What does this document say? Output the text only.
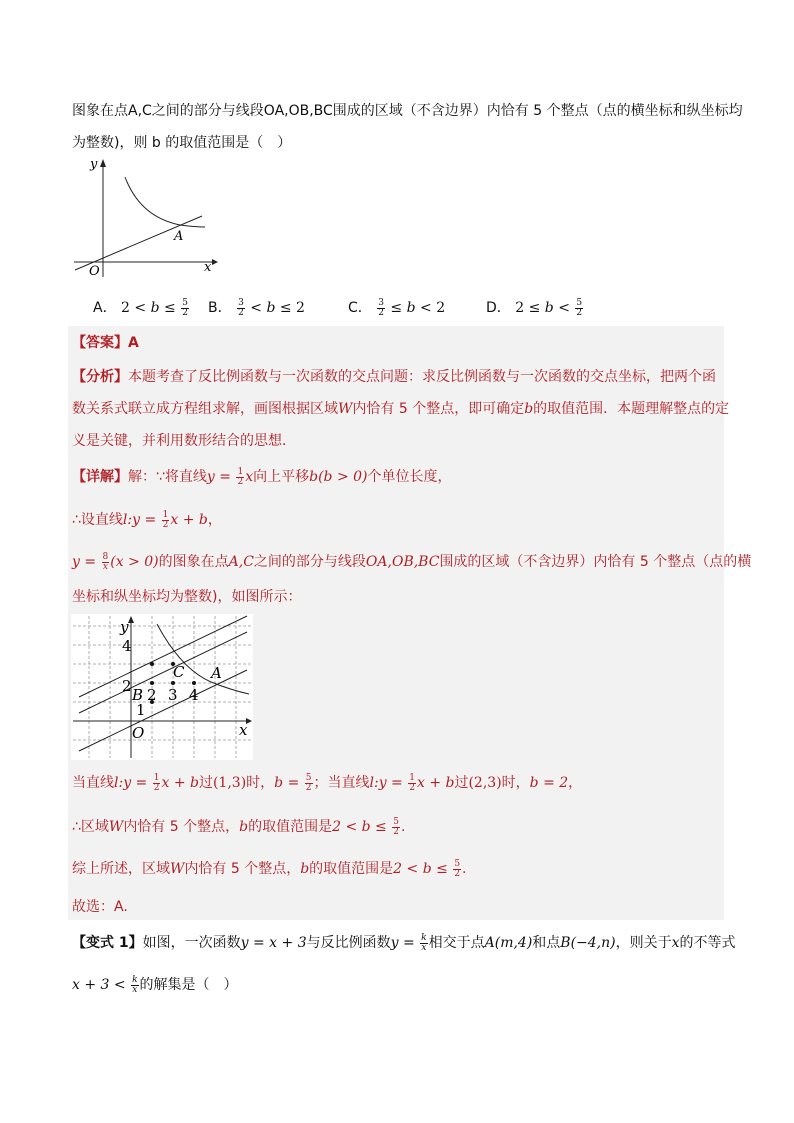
图象在点A,C之间的部分与线段OA,OB,BC围成的区域（不含边界）内恰有 5 个整点（点的横坐标和纵坐标均
为整数)，则 b 的取值范围是（　）
y
x
O
A
A． $2 < b \le \frac{5}{2}$ B． $\frac{3}{2} < b \le 2$	C． $\frac{3}{2} \le b < 2$	D． $2 \le b < \frac{5}{2}$
【答案】A
【分析】本题考查了反比例函数与一次函数的交点问题：求反比例函数与一次函数的交点坐标，把两个函
数关系式联立成方程组求解，画图根据区域W内恰有 5 个整点，即可确定b的取值范围．本题理解整点的定
义是关键，并利用数形结合的思想．
【详解】解：∵将直线$y = \frac{1}{2}$ x向上平移b(b > 0)个单位长度，
∴设直线l:y = $\frac{1}{2}$ x + b，
$y = \frac{8}{x} (x > 0)$的图象在点A,C之间的部分与线段OA,OB,BC围成的区域（不含边界）内恰有 5 个整点（点的横
坐标和纵坐标均为整数)，如图所示：
y
x
O
A
B
C
4
2
1
2 3 4
当直线l:y = $\frac{1}{2}$ x + b过(1,3)时，$b = \frac{5}{2}$ ；当直线l:y = $\frac{1}{2}$ x + b过(2,3)时，b = 2，
∴区域W内恰有 5 个整点，b的取值范围是$2 < b \le \frac{5}{2}$ .
综上所述，区域W内恰有 5 个整点，b的取值范围是$2 < b \le \frac{5}{2}$ .
故选：A.
【变式 1】如图，一次函数y = x + 3与反比例函数$y = \frac{k}{x}$ 相交于点A(m,4)和点B(−4,n)，则关于x的不等式
$x + 3 < \frac{k}{x}$ 的解集是（　）
